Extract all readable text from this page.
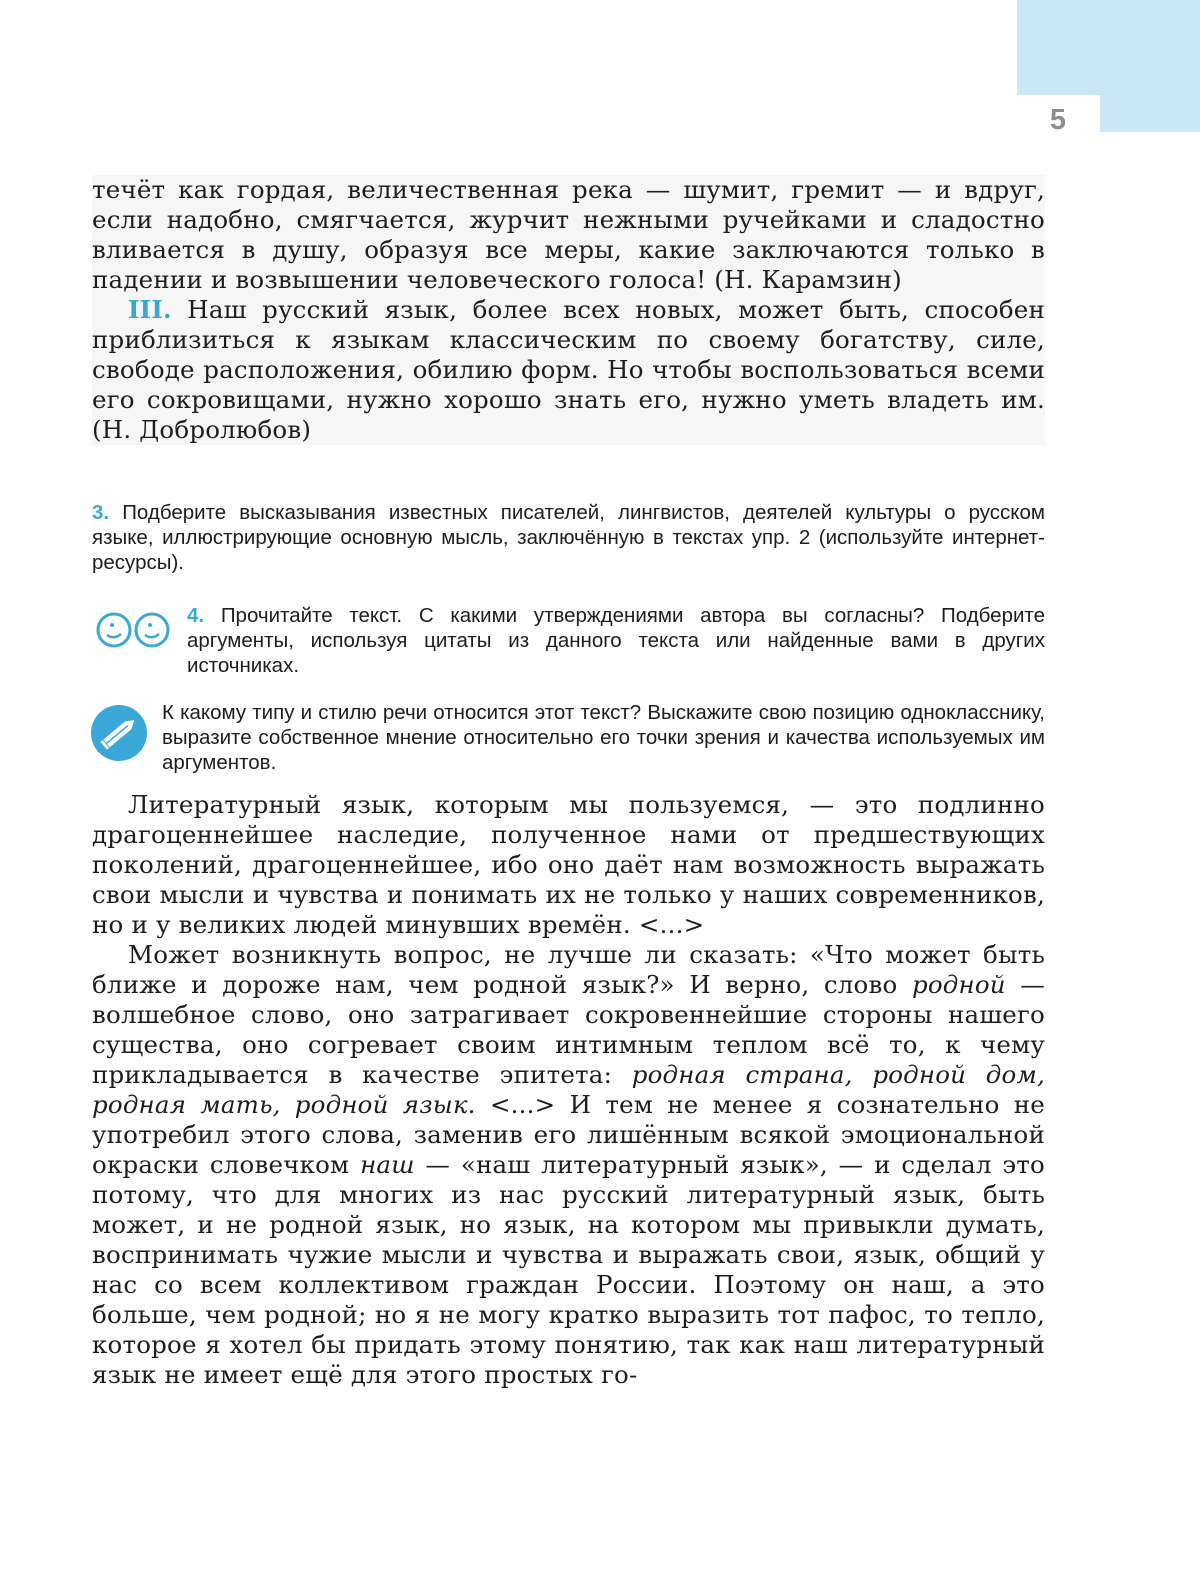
5

течёт как гордая, величественная река — шумит, гремит — и вдруг, если надобно, смягчается, журчит нежными ручейками и сладостно вливается в душу, образуя все меры, какие заключаются только в падении и возвышении человеческого голоса! (Н. Карамзин)

III. Наш русский язык, более всех новых, может быть, способен приблизиться к языкам классическим по своему богатству, силе, свободе расположения, обилию форм. Но чтобы воспользоваться всеми его сокровищами, нужно хорошо знать его, нужно уметь владеть им. (Н. Добролюбов)

3. Подберите высказывания известных писателей, лингвистов, деятелей культуры о русском языке, иллюстрирующие основную мысль, заключённую в текстах упр. 2 (используйте интернет-ресурсы).
4. Прочитайте текст. С какими утверждениями автора вы согласны? Подберите аргументы, используя цитаты из данного текста или найденные вами в других источниках.
К какому типу и стилю речи относится этот текст? Выскажите свою позицию однокласснику, выразите собственное мнение относительно его точки зрения и качества используемых им аргументов.

Литературный язык, которым мы пользуемся, — это подлинно драгоценнейшее наследие, полученное нами от предшествующих поколений, драгоценнейшее, ибо оно даёт нам возможность выражать свои мысли и чувства и понимать их не только у наших современников, но и у великих людей минувших времён. <...>

Может возникнуть вопрос, не лучше ли сказать: «Что может быть ближе и дороже нам, чем родной язык?» И верно, слово родной — волшебное слово, оно затрагивает сокровеннейшие стороны нашего существа, оно согревает своим интимным теплом всё то, к чему прикладывается в качестве эпитета: родная страна, родной дом, родная мать, родной язык. <...> И тем не менее я сознательно не употребил этого слова, заменив его лишённым всякой эмоциональной окраски словечком наш — «наш литературный язык», — и сделал это потому, что для многих из нас русский литературный язык, быть может, и не родной язык, но язык, на котором мы привыкли думать, воспринимать чужие мысли и чувства и выражать свои, язык, общий у нас со всем коллективом граждан России. Поэтому он наш, а это больше, чем родной; но я не могу кратко выразить тот пафос, то тепло, которое я хотел бы придать этому понятию, так как наш литературный язык не имеет ещё для этого простых го-
